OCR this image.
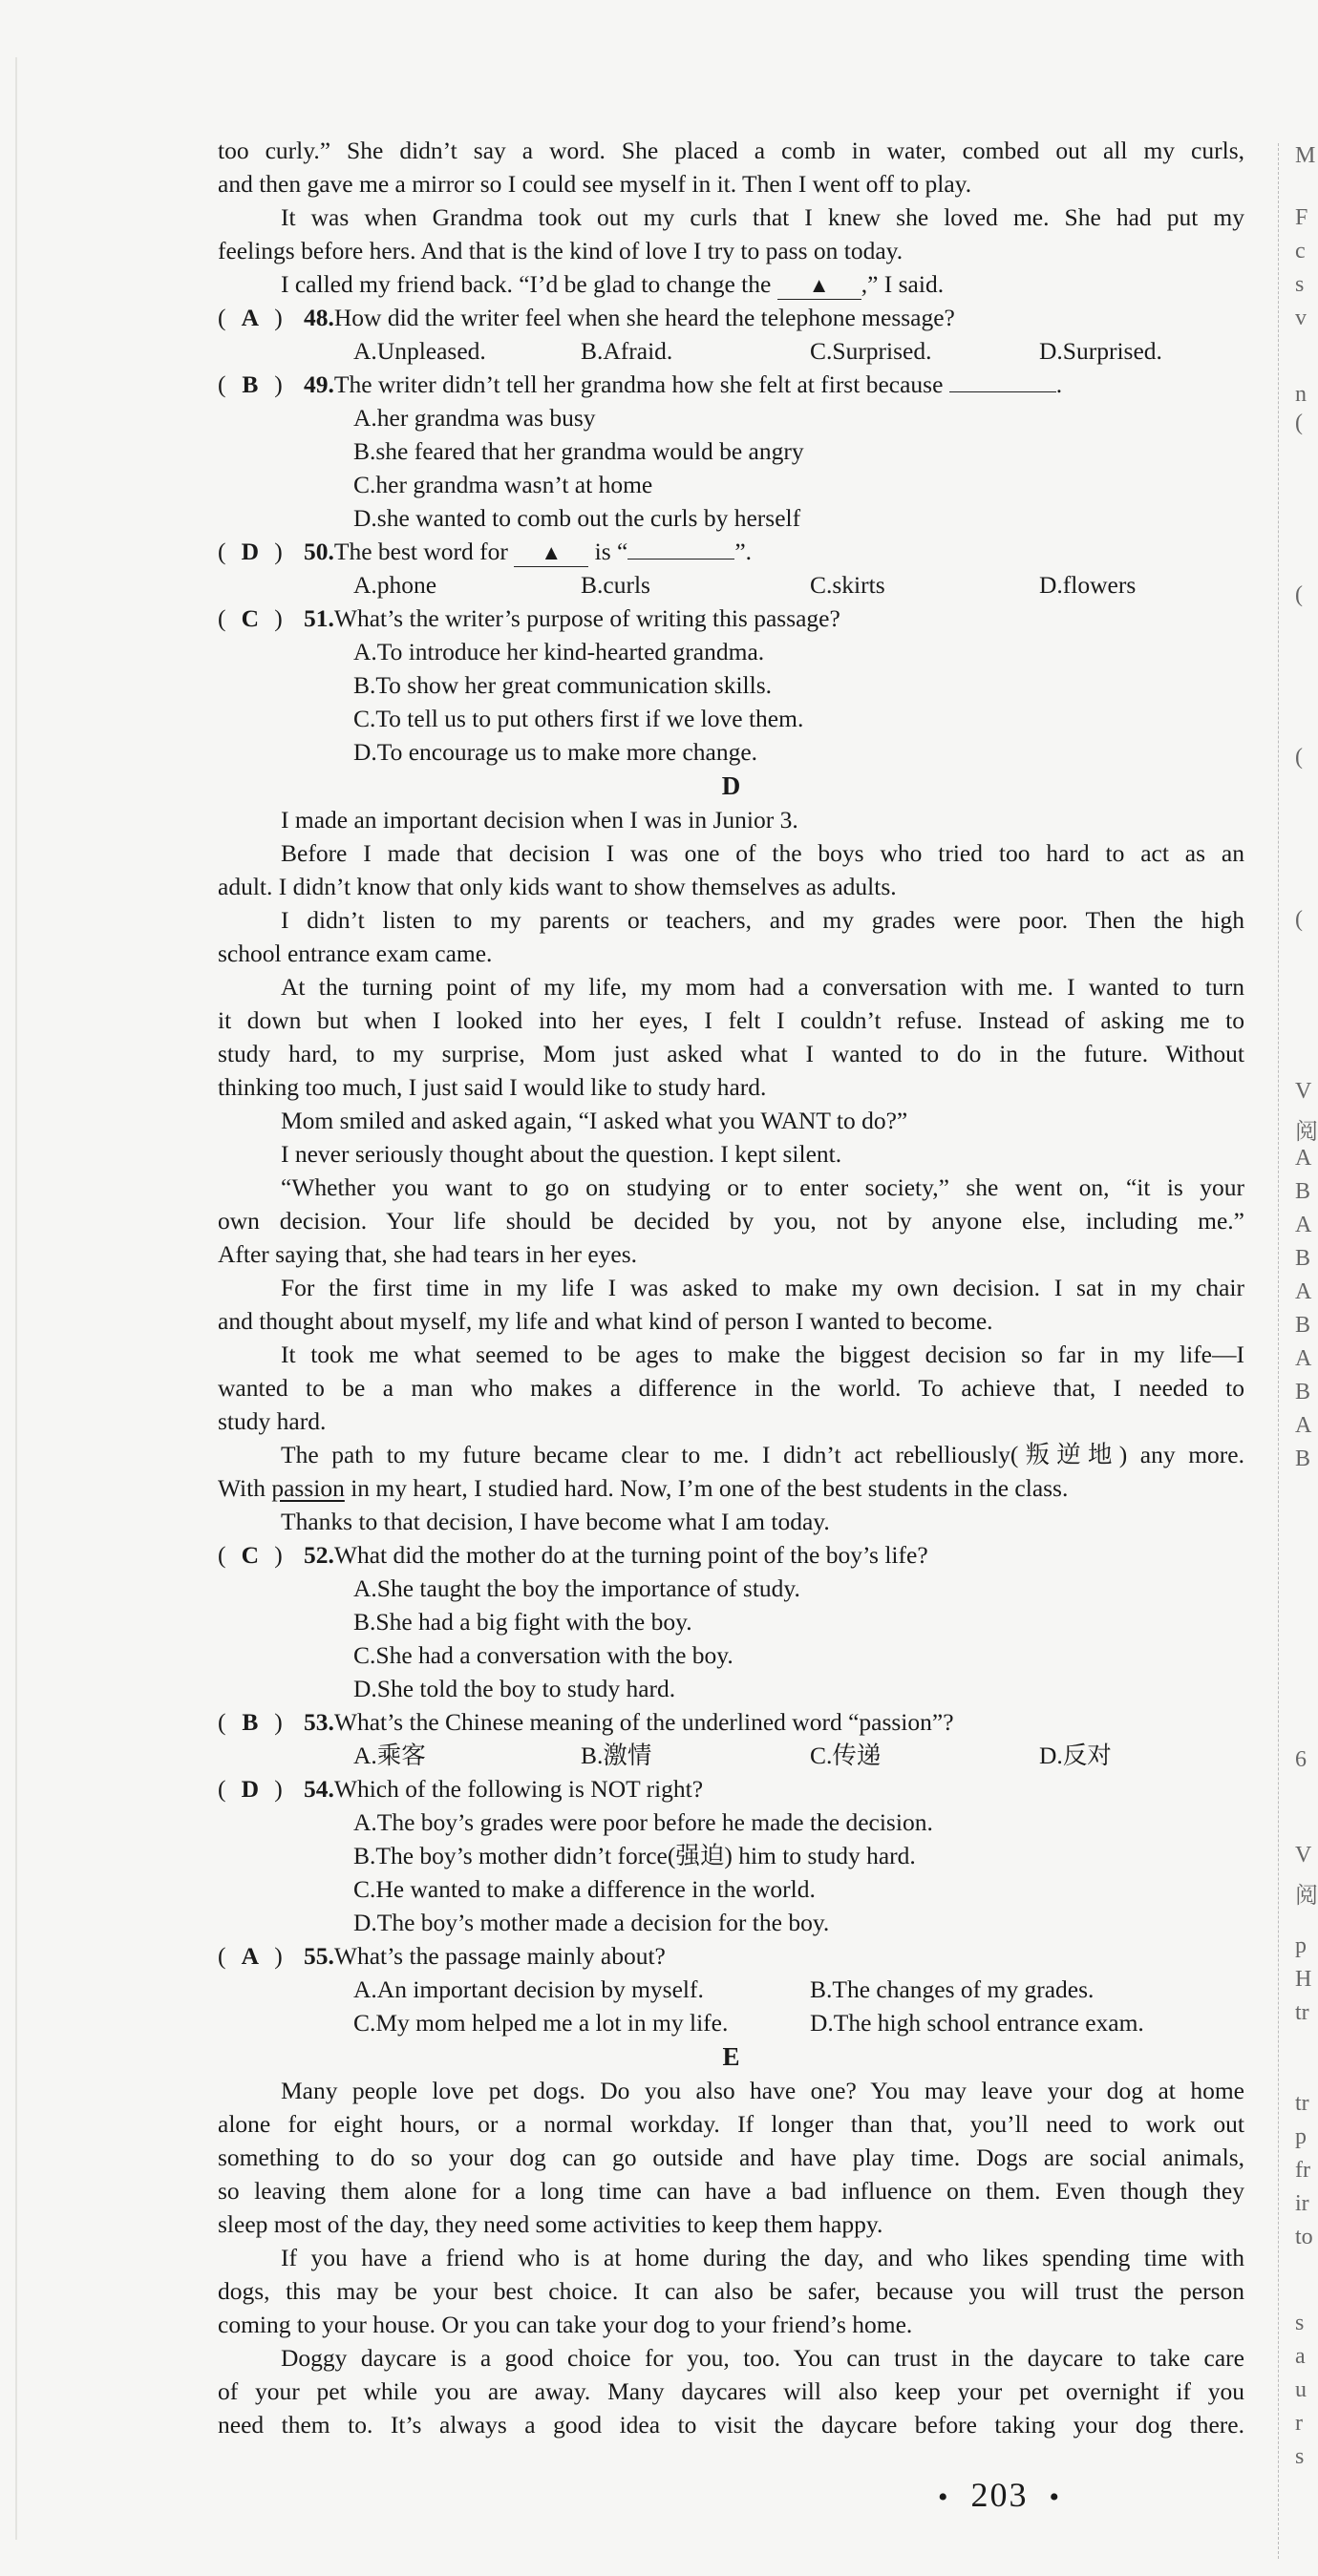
too curly.” She didn’t say a word. She placed a comb in water, combed out all my curls,

and then gave me a mirror so I could see myself in it. Then I went off to play.

It was when Grandma took out my curls that I knew she loved me. She had put my

feelings before hers. And that is the kind of love I try to pass on today.

I called my friend back. “I’d be glad to change the ▲ ,” I said.

( A ) 48.How did the writer feel when she heard the telephone message?
A.Unpleased.	B.Afraid.	C.Surprised.	D.Surprised.
( B ) 49.The writer didn’t tell her grandma how she felt at first because	.

A.her grandma was busy

B.she feared that her grandma would be angry

C.her grandma wasn’t at home

D.she wanted to comb out the curls by herself

( D ) 50.The best word for ▲ is “	”.
A.phone	B.curls	C.skirts	D.flowers
( C ) 51.What’s the writer’s purpose of writing this passage?

A.To introduce her kind-hearted grandma.

B.To show her great communication skills.

C.To tell us to put others first if we love them.

D.To encourage us to make more change.

D

I made an important decision when I was in Junior 3.

Before I made that decision I was one of the boys who tried too hard to act as an

adult. I didn’t know that only kids want to show themselves as adults.

I didn’t listen to my parents or teachers, and my grades were poor. Then the high

school entrance exam came.

At the turning point of my life, my mom had a conversation with me. I wanted to turn

it down but when I looked into her eyes, I felt I couldn’t refuse. Instead of asking me to

study hard, to my surprise, Mom just asked what I wanted to do in the future. Without

thinking too much, I just said I would like to study hard.

Mom smiled and asked again, “I asked what you WANT to do?”

I never seriously thought about the question. I kept silent.

“Whether you want to go on studying or to enter society,” she went on, “it is your

own decision. Your life should be decided by you, not by anyone else, including me.”

After saying that, she had tears in her eyes.

For the first time in my life I was asked to make my own decision. I sat in my chair

and thought about myself, my life and what kind of person I wanted to become.

It took me what seemed to be ages to make the biggest decision so far in my life—I

wanted to be a man who makes a difference in the world. To achieve that, I needed to

study hard.

The path to my future became clear to me. I didn’t act rebelliously(叛逆地) any more.

With passion in my heart, I studied hard. Now, I’m one of the best students in the class.

Thanks to that decision, I have become what I am today.

( C ) 52.What did the mother do at the turning point of the boy’s life?

A.She taught the boy the importance of study.

B.She had a big fight with the boy.

C.She had a conversation with the boy.

D.She told the boy to study hard.

( B ) 53.What’s the Chinese meaning of the underlined word “passion”?
A.乘客	B.激情	C.传递	D.反对
( D ) 54.Which of the following is NOT right?

A.The boy’s grades were poor before he made the decision.

B.The boy’s mother didn’t force(强迫) him to study hard.

C.He wanted to make a difference in the world.

D.The boy’s mother made a decision for the boy.

( A ) 55.What’s the passage mainly about?
A.An important decision by myself.	B.The changes of my grades.
C.My mom helped me a lot in my life.	D.The high school entrance exam.

E

Many people love pet dogs. Do you also have one? You may leave your dog at home

alone for eight hours, or a normal workday. If longer than that, you’ll need to work out

something to do so your dog can go outside and have play time. Dogs are social animals,

so leaving them alone for a long time can have a bad influence on them. Even though they

sleep most of the day, they need some activities to keep them happy.

If you have a friend who is at home during the day, and who likes spending time with

dogs, this may be your best choice. It can also be safer, because you will trust the person

coming to your house. Or you can take your dog to your friend’s home.

Doggy daycare is a good choice for you, too. You can trust in the daycare to take care

of your pet while you are away. Many daycares will also keep your pet overnight if you

need them to. It’s always a good idea to visit the daycare before taking your dog there.

M
F
c
s
v
n
(
(
(
(
V
阅
A
B
A
B
A
B
A
B
A
B
6
V
阅
p
H
tr
tr
p
fr
ir
to
s
a
u
r
s
• 203 •
